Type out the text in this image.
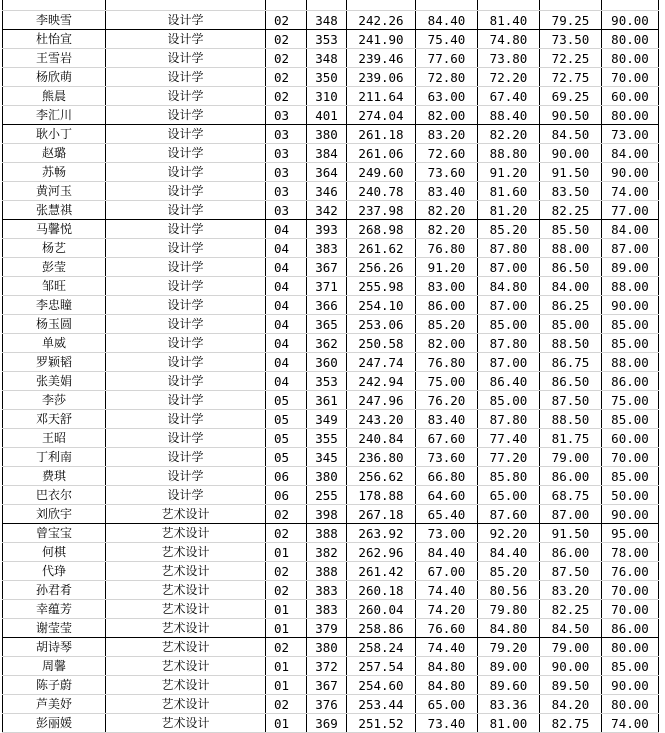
李映雪	设计学	02	348	242.26	84.40	81.40	79.25	90.00
杜怡宣	设计学	02	353	241.90	75.40	74.80	73.50	80.00
王雪岩	设计学	02	348	239.46	77.60	73.80	72.25	80.00
杨欣萌	设计学	02	350	239.06	72.80	72.20	72.75	70.00
熊晨	设计学	02	310	211.64	63.00	67.40	69.25	60.00
李汇川	设计学	03	401	274.04	82.00	88.40	90.50	80.00
耿小丁	设计学	03	380	261.18	83.20	82.20	84.50	73.00
赵璐	设计学	03	384	261.06	72.60	88.80	90.00	84.00
苏畅	设计学	03	364	249.60	73.60	91.20	91.50	90.00
黄河玉	设计学	03	346	240.78	83.40	81.60	83.50	74.00
张慧祺	设计学	03	342	237.98	82.20	81.20	82.25	77.00
马馨悦	设计学	04	393	268.98	82.20	85.20	85.50	84.00
杨艺	设计学	04	383	261.62	76.80	87.80	88.00	87.00
彭莹	设计学	04	367	256.26	91.20	87.00	86.50	89.00
邹旺	设计学	04	371	255.98	83.00	84.80	84.00	88.00
李忠瞳	设计学	04	366	254.10	86.00	87.00	86.25	90.00
杨玉圆	设计学	04	365	253.06	85.20	85.00	85.00	85.00
单威	设计学	04	362	250.58	82.00	87.80	88.50	85.00
罗颖韬	设计学	04	360	247.74	76.80	87.00	86.75	88.00
张美娟	设计学	04	353	242.94	75.00	86.40	86.50	86.00
李莎	设计学	05	361	247.96	76.20	85.00	87.50	75.00
邓天舒	设计学	05	349	243.20	83.40	87.80	88.50	85.00
王昭	设计学	05	355	240.84	67.60	77.40	81.75	60.00
丁利南	设计学	05	345	236.80	73.60	77.20	79.00	70.00
费琪	设计学	06	380	256.62	66.80	85.80	86.00	85.00
巴衣尔	设计学	06	255	178.88	64.60	65.00	68.75	50.00
刘欣宇	艺术设计	02	398	267.18	65.40	87.60	87.00	90.00
曾宝宝	艺术设计	02	388	263.92	73.00	92.20	91.50	95.00
何棋	艺术设计	01	382	262.96	84.40	84.40	86.00	78.00
代琤	艺术设计	02	388	261.42	67.00	85.20	87.50	76.00
孙君肴	艺术设计	02	383	260.18	74.40	80.56	83.20	70.00
幸蕴芳	艺术设计	01	383	260.04	74.20	79.80	82.25	70.00
谢莹莹	艺术设计	01	379	258.86	76.60	84.80	84.50	86.00
胡诗琴	艺术设计	02	380	258.24	74.40	79.20	79.00	80.00
周馨	艺术设计	01	372	257.54	84.80	89.00	90.00	85.00
陈子蔚	艺术设计	01	367	254.60	84.80	89.60	89.50	90.00
芦美妤	艺术设计	02	376	253.44	65.00	83.36	84.20	80.00
彭丽媛	艺术设计	01	369	251.52	73.40	81.00	82.75	74.00
